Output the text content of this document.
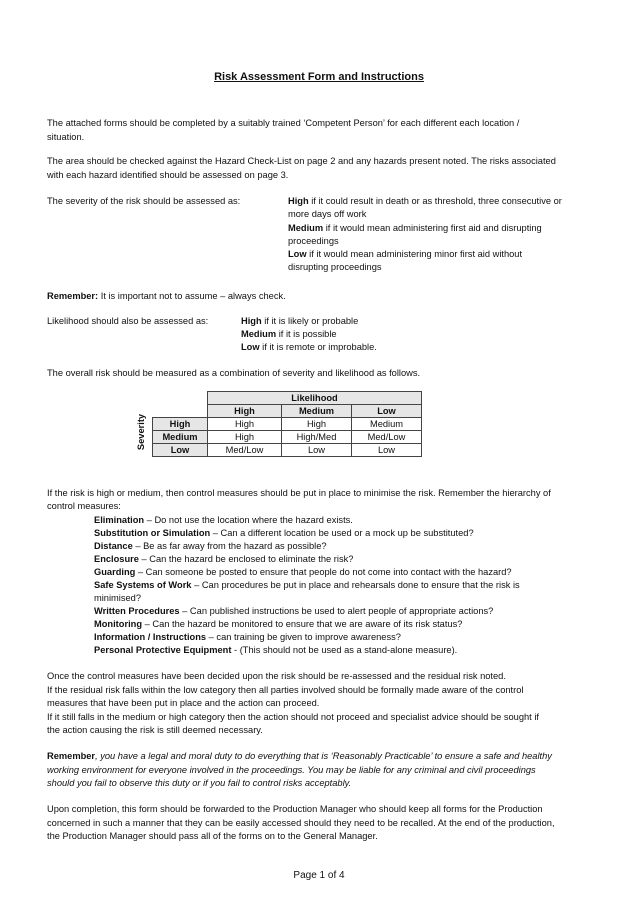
Risk Assessment Form and Instructions
The attached forms should be completed by a suitably trained ‘Competent Person’ for each different each location /
situation.
The area should be checked against the Hazard Check-List on page 2 and any hazards present noted. The risks associated
with each hazard identified should be assessed on page 3.
The severity of the risk should be assessed as:	High if it could result in death or as threshold, three consecutive or
more days off work
Medium if it would mean administering first aid and disrupting
proceedings
Low if it would mean administering minor first aid without
disrupting proceedings
Remember: It is important not to assume – always check.
Likelihood should also be assessed as:	High if it is likely or probable
Medium if it is possible
Low if it is remote or improbable.
The overall risk should be measured as a combination of severity and likelihood as follows.
Severity
	Likelihood		
	High	Medium	Low
High	High	High	Medium
Medium	High	High/Med	Med/Low
Low	Med/Low	Low	Low
If the risk is high or medium, then control measures should be put in place to minimise the risk. Remember the hierarchy of
control measures:
Elimination – Do not use the location where the hazard exists.
Substitution or Simulation – Can a different location be used or a mock up be substituted?
Distance – Be as far away from the hazard as possible?
Enclosure – Can the hazard be enclosed to eliminate the risk?
Guarding – Can someone be posted to ensure that people do not come into contact with the hazard?
Safe Systems of Work – Can procedures be put in place and rehearsals done to ensure that the risk is
minimised?
Written Procedures – Can published instructions be used to alert people of appropriate actions?
Monitoring – Can the hazard be monitored to ensure that we are aware of its risk status?
Information / Instructions – can training be given to improve awareness?
Personal Protective Equipment - (This should not be used as a stand-alone measure).
Once the control measures have been decided upon the risk should be re-assessed and the residual risk noted.
If the residual risk falls within the low category then all parties involved should be formally made aware of the control
measures that have been put in place and the action can proceed.
If it still falls in the medium or high category then the action should not proceed and specialist advice should be sought if
the action causing the risk is still deemed necessary.
Remember, you have a legal and moral duty to do everything that is ‘Reasonably Practicable’ to ensure a safe and healthy
working environment for everyone involved in the proceedings. You may be liable for any criminal and civil proceedings
should you fail to observe this duty or if you fail to control risks acceptably.
Upon completion, this form should be forwarded to the Production Manager who should keep all forms for the Production
concerned in such a manner that they can be easily accessed should they need to be recalled. At the end of the production,
the Production Manager should pass all of the forms on to the General Manager.
Page 1 of 4
